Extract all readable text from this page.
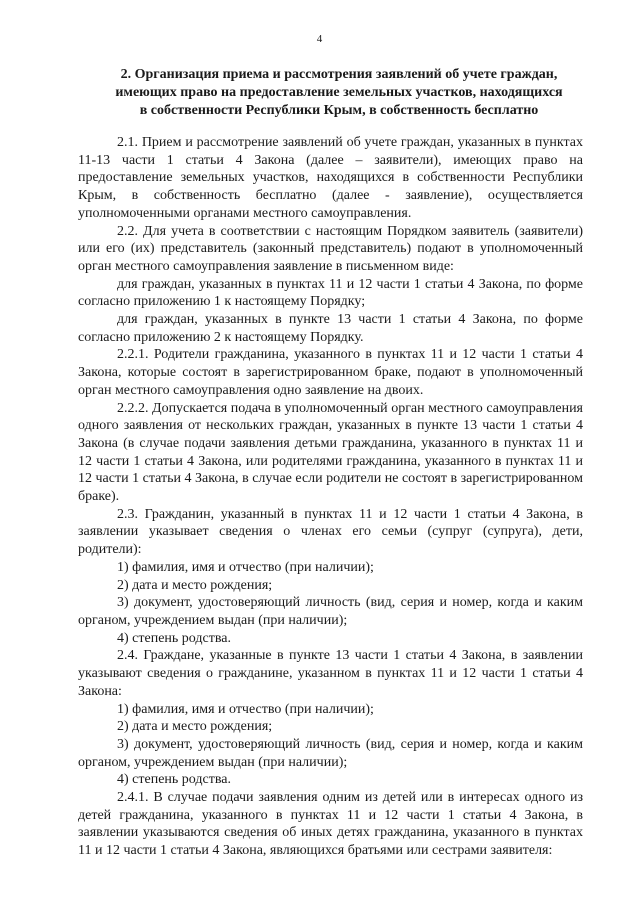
4
2. Организация приема и рассмотрения заявлений об учете граждан,
имеющих право на предоставление земельных участков, находящихся
в собственности Республики Крым, в собственность бесплатно

2.1. Прием и рассмотрение заявлений об учете граждан, указанных в пунктах 11-13 части 1 статьи 4 Закона (далее – заявители), имеющих право на предоставление земельных участков, находящихся в собственности Республики Крым, в собственность бесплатно (далее - заявление), осуществляется уполномоченными органами местного самоуправления.

2.2. Для учета в соответствии с настоящим Порядком заявитель (заявители) или его (их) представитель (законный представитель) подают в уполномоченный орган местного самоуправления заявление в письменном виде:

для граждан, указанных в пунктах 11 и 12 части 1 статьи 4 Закона, по форме согласно приложению 1 к настоящему Порядку;

для граждан, указанных в пункте 13 части 1 статьи 4 Закона, по форме согласно приложению 2 к настоящему Порядку.

2.2.1. Родители гражданина, указанного в пунктах 11 и 12 части 1 статьи 4 Закона, которые состоят в зарегистрированном браке, подают в уполномоченный орган местного самоуправления одно заявление на двоих.

2.2.2. Допускается подача в уполномоченный орган местного самоуправления одного заявления от нескольких граждан, указанных в пункте 13 части 1 статьи 4 Закона (в случае подачи заявления детьми гражданина, указанного в пунктах 11 и 12 части 1 статьи 4 Закона, или родителями гражданина, указанного в пунктах 11 и 12 части 1 статьи 4 Закона, в случае если родители не состоят в зарегистрированном браке).

2.3. Гражданин, указанный в пунктах 11 и 12 части 1 статьи 4 Закона, в заявлении указывает сведения о членах его семьи (супруг (супруга), дети, родители):

1) фамилия, имя и отчество (при наличии);

2) дата и место рождения;

3) документ, удостоверяющий личность (вид, серия и номер, когда и каким органом, учреждением выдан (при наличии);

4) степень родства.

2.4. Граждане, указанные в пункте 13 части 1 статьи 4 Закона, в заявлении указывают сведения о гражданине, указанном в пунктах 11 и 12 части 1 статьи 4 Закона:

1) фамилия, имя и отчество (при наличии);

2) дата и место рождения;

3) документ, удостоверяющий личность (вид, серия и номер, когда и каким органом, учреждением выдан (при наличии);

4) степень родства.

2.4.1. В случае подачи заявления одним из детей или в интересах одного из детей гражданина, указанного в пунктах 11 и 12 части 1 статьи 4 Закона, в заявлении указываются сведения об иных детях гражданина, указанного в пунктах 11 и 12 части 1 статьи 4 Закона, являющихся братьями или сестрами заявителя:
